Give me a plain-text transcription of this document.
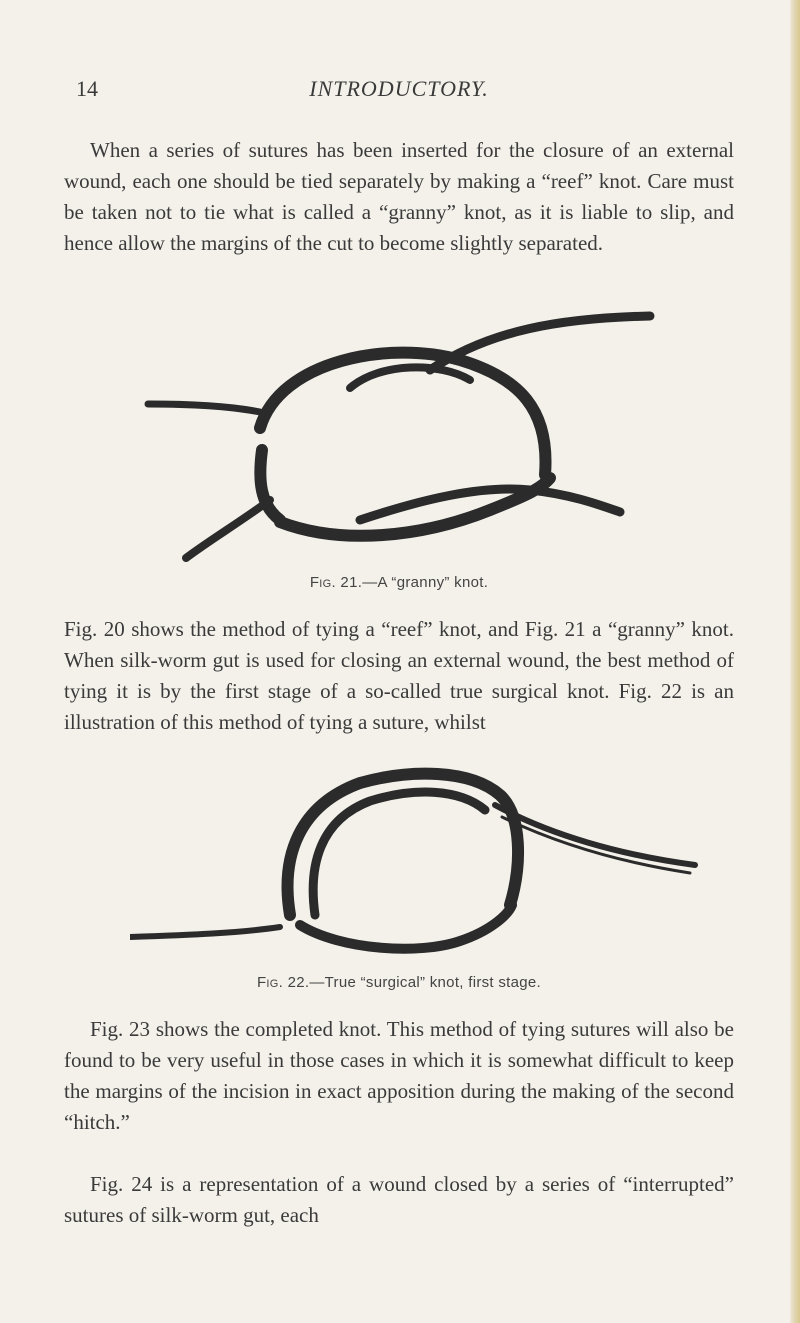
14	INTRODUCTORY.

When a series of sutures has been inserted for the closure of an external wound, each one should be tied separately by making a “reef” knot. Care must be taken not to tie what is called a “granny” knot, as it is liable to slip, and hence allow the margins of the cut to become slightly separated.

Fig. 21.—A “granny” knot.

Fig. 20 shows the method of tying a “reef” knot, and Fig. 21 a “granny” knot. When silk-worm gut is used for closing an external wound, the best method of tying it is by the first stage of a so-called true surgical knot. Fig. 22 is an illustration of this method of tying a suture, whilst

Fig. 22.—True “surgical” knot, first stage.

Fig. 23 shows the completed knot. This method of tying sutures will also be found to be very useful in those cases in which it is somewhat difficult to keep the margins of the incision in exact apposition during the making of the second “hitch.”

Fig. 24 is a representation of a wound closed by a series of “interrupted” sutures of silk-worm gut, each
